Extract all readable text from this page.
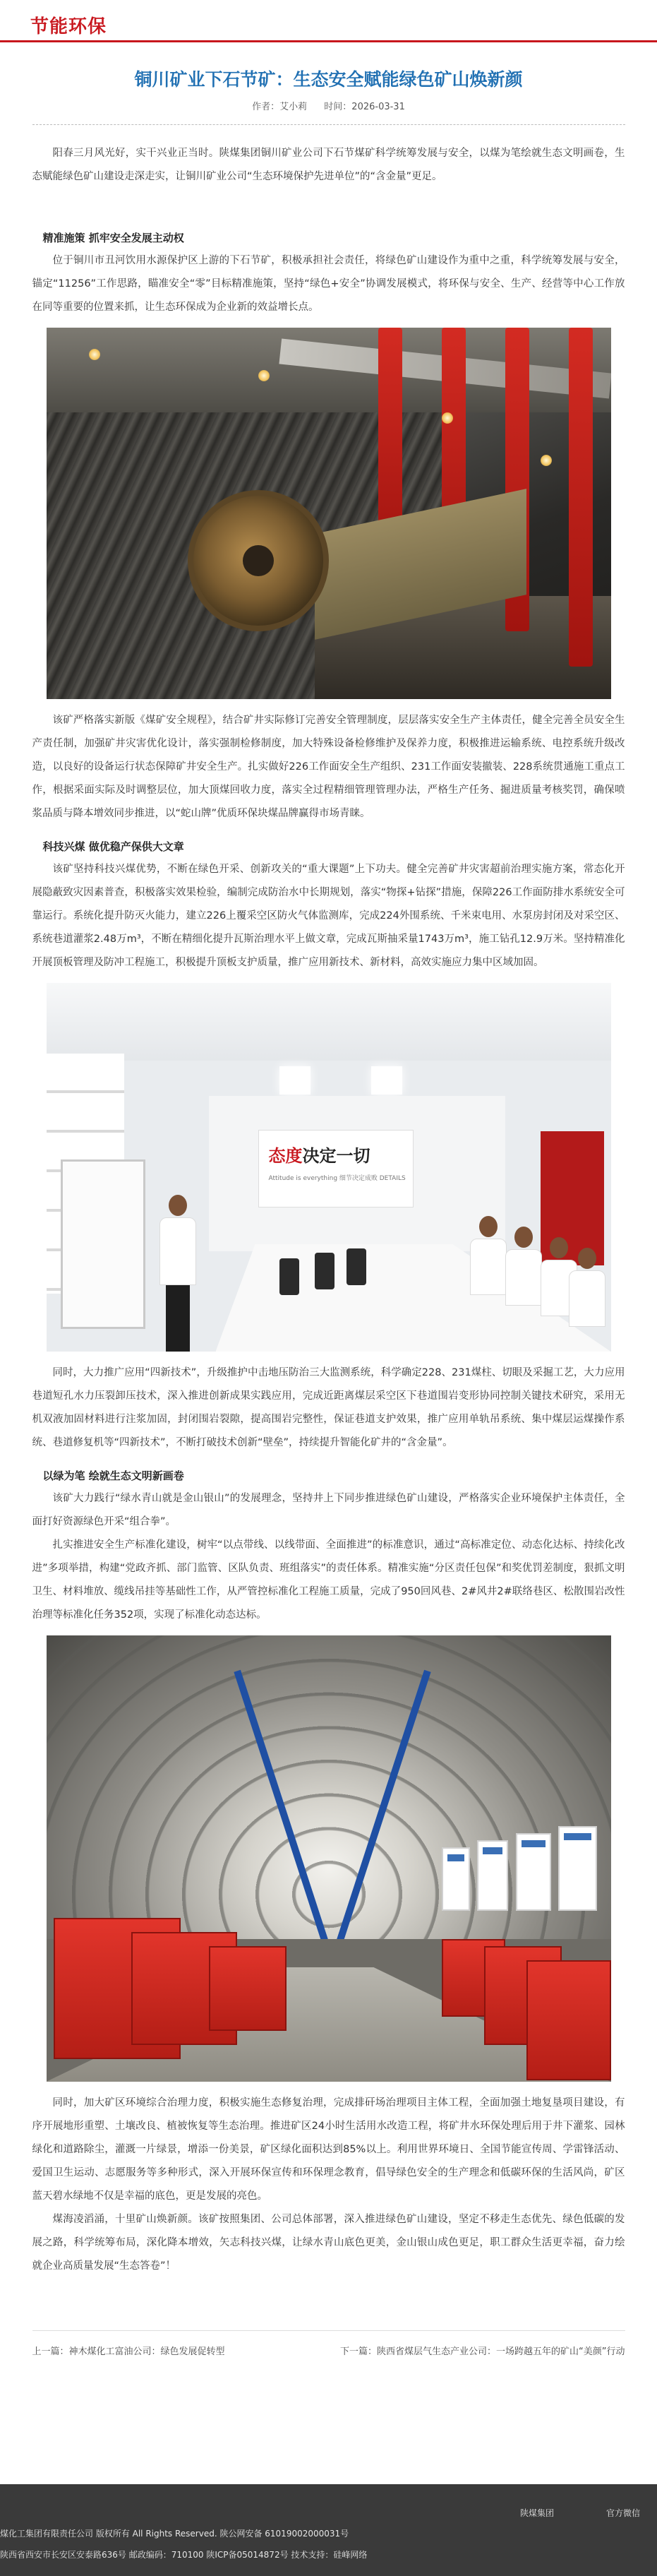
节能环保
铜川矿业下石节矿：生态安全赋能绿色矿山焕新颜
作者：艾小莉 时间：2026-03-31

阳春三月风光好，实干兴业正当时。陕煤集团铜川矿业公司下石节煤矿科学统筹发展与安全，以煤为笔绘就生态文明画卷，生态赋能绿色矿山建设走深走实，让铜川矿业公司“生态环境保护先进单位”的“含金量”更足。

精准施策 抓牢安全发展主动权

位于铜川市丑河饮用水源保护区上游的下石节矿，积极承担社会责任，将绿色矿山建设作为重中之重，科学统筹发展与安全，锚定“11256”工作思路，瞄准安全“零”目标精准施策，坚持“绿色+安全”协调发展模式，将环保与安全、生产、经营等中心工作放在同等重要的位置来抓，让生态环保成为企业新的效益增长点。

该矿严格落实新版《煤矿安全规程》，结合矿井实际修订完善安全管理制度，层层落实安全生产主体责任，健全完善全员安全生产责任制，加强矿井灾害优化设计，落实强制检修制度，加大特殊设备检修维护及保养力度，积极推进运输系统、电控系统升级改造，以良好的设备运行状态保障矿井安全生产。扎实做好226工作面安全生产组织、231工作面安装撤装、228系统贯通施工重点工作，根据采面实际及时调整层位，加大顶煤回收力度，落实全过程精细管理管理办法，严格生产任务、掘进质量考核奖罚，确保喷浆品质与降本增效同步推进，以“蛇山牌”优质环保块煤品牌赢得市场青睐。

科技兴煤 做优稳产保供大文章

该矿坚持科技兴煤优势，不断在绿色开采、创新攻关的“重大课题”上下功夫。健全完善矿井灾害超前治理实施方案，常态化开展隐蔽致灾因素普查，积极落实效果检验，编制完成防治水中长期规划，落实“物探+钻探”措施，保障226工作面防排水系统安全可靠运行。系统化提升防灭火能力，建立226上覆采空区防火气体监测库，完成224外围系统、千米束电用、水泵房封闭及对采空区、系统巷道灌浆2.48万m³，不断在精细化提升瓦斯治理水平上做文章，完成瓦斯抽采量1743万m³，施工钻孔12.9万米。坚持精准化开展顶板管理及防冲工程施工，积极提升顶板支护质量，推广应用新技术、新材料，高效实施应力集中区域加固。

态度决定一切
Attitude is everything 细节决定成败 DETAILS

同时，大力推广应用“四新技术”，升级推护中击地压防治三大监测系统，科学确定228、231煤柱、切眼及采掘工艺，大力应用巷道短孔水力压裂卸压技术，深入推进创新成果实践应用，完成近距离煤层采空区下巷道围岩变形协同控制关键技术研究，采用无机双液加固材料进行注浆加固，封闭围岩裂隙，提高围岩完整性，保证巷道支护效果，推广应用单轨吊系统、集中煤层运煤操作系统、巷道修复机等“四新技术”，不断打破技术创新“壁垒”，持续提升智能化矿井的“含金量”。

以绿为笔 绘就生态文明新画卷

该矿大力践行“绿水青山就是金山银山”的发展理念，坚持井上下同步推进绿色矿山建设，严格落实企业环境保护主体责任，全面打好资源绿色开采“组合拳”。

扎实推进安全生产标准化建设，树牢“以点带线、以线带面、全面推进”的标准意识，通过“高标准定位、动态化达标、持续化改进”多项举措，构建“党政齐抓、部门监管、区队负责、班组落实”的责任体系。精准实施“分区责任包保”和奖优罚差制度，狠抓文明卫生、材料堆放、缆线吊挂等基础性工作，从严管控标准化工程施工质量，完成了950回风巷、2#风井2#联络巷区、松散围岩改性治理等标准化任务352项，实现了标准化动态达标。

同时，加大矿区环境综合治理力度，积极实施生态修复治理，完成排矸场治理项目主体工程，全面加强土地复垦项目建设，有序开展地形重塑、土壤改良、植被恢复等生态治理。推进矿区24小时生活用水改造工程，将矿井水环保处理后用于井下灌浆、园林绿化和道路除尘，灌溉一片绿景，增添一份美景，矿区绿化面积达到85%以上。利用世界环境日、全国节能宣传周、学雷锋活动、爱国卫生运动、志愿服务等多种形式，深入开展环保宣传和环保理念教育，倡导绿色安全的生产理念和低碳环保的生活风尚，矿区蓝天碧水绿地不仅是幸福的底色，更是发展的亮色。

煤海凌滔涌，十里矿山焕新颜。该矿按照集团、公司总体部署，深入推进绿色矿山建设，坚定不移走生态优先、绿色低碳的发展之路，科学统筹布局，深化降本增效，矢志科技兴煤，让绿水青山底色更美，金山银山成色更足，职工群众生活更幸福，奋力绘就企业高质量发展“生态答卷”！

上一篇：神木煤化工富油公司：绿色发展促转型	下一篇：陕西省煤层气生态产业公司：一场跨越五年的矿山“美颜”行动
陕煤集团	官方微信
煤化工集团有限责任公司 版权所有 All Rights Reserved. 陕公网安备 61019002000031号
陕西省西安市长安区安泰路636号 邮政编码：710100 陕ICP备05014872号 技术支持：硅峰网络
